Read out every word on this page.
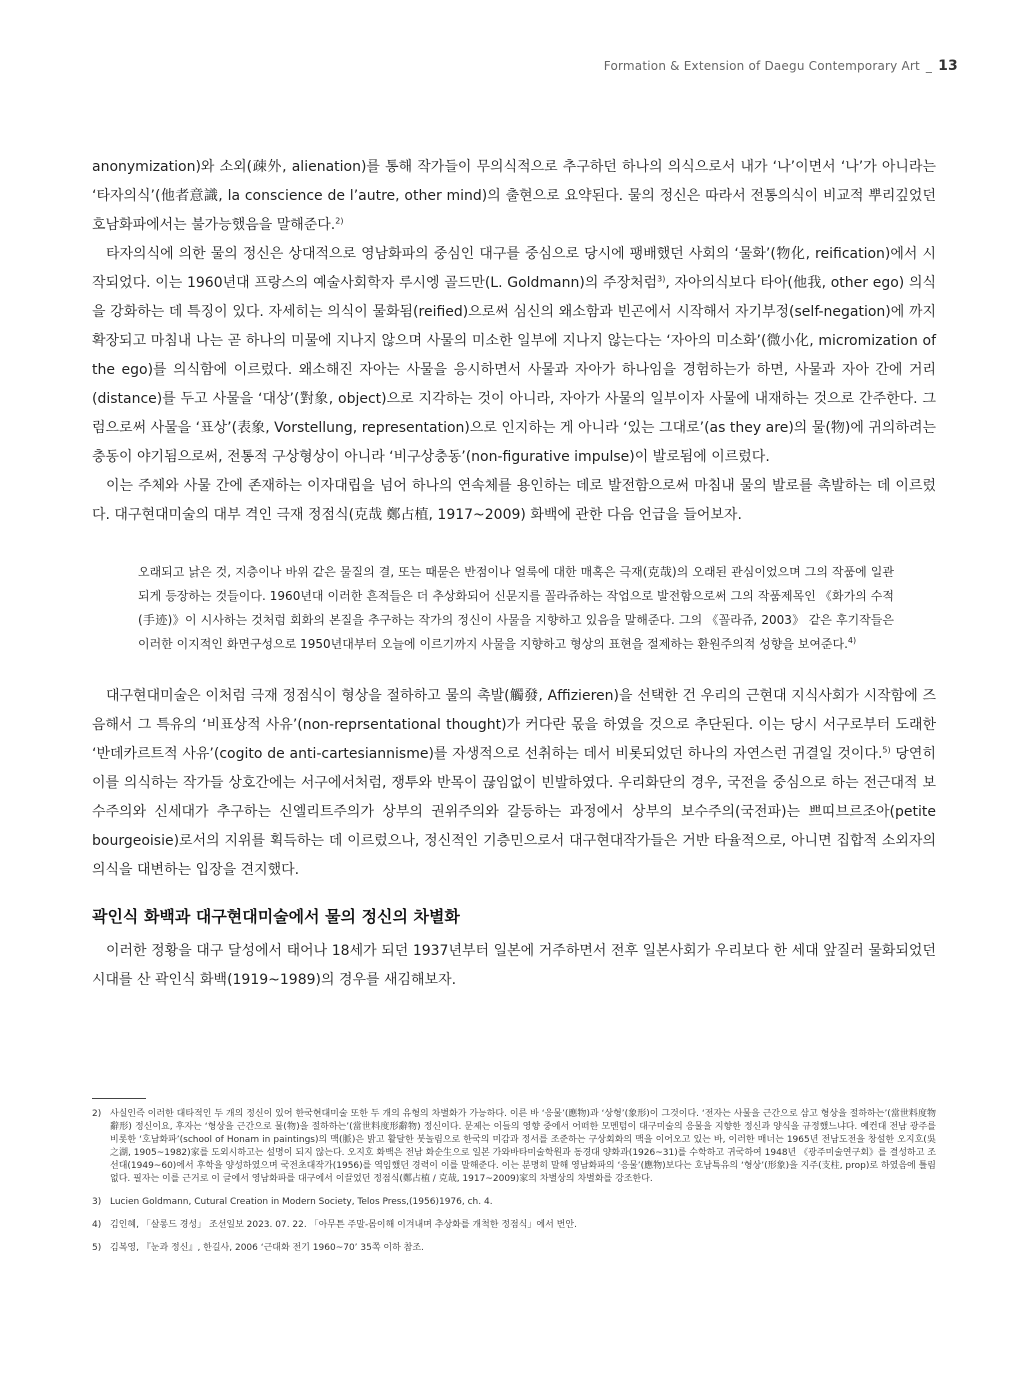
Formation & Extension of Daegu Contemporary Art _ 13

anonymization)와 소외(疎外, alienation)를 통해 작가들이 무의식적으로 추구하던 하나의 의식으로서 내가 ‘나’이면서 ‘나’가 아니라는 ‘타자의식’(他者意識, la conscience de l’autre, other mind)의 출현으로 요약된다. 물의 정신은 따라서 전통의식이 비교적 뿌리깊었던 호남화파에서는 불가능했음을 말해준다.$^{2)}$

타자의식에 의한 물의 정신은 상대적으로 영남화파의 중심인 대구를 중심으로 당시에 팽배했던 사회의 ‘물화’(物化, reification)에서 시작되었다. 이는 1960년대 프랑스의 예술사회학자 루시엥 골드만(L. Goldmann)의 주장처럼$^{3)}$, 자아의식보다 타아(他我, other ego) 의식을 강화하는 데 특징이 있다. 자세히는 의식이 물화됨(reified)으로써 심신의 왜소함과 빈곤에서 시작해서 자기부정(self-negation)에 까지 확장되고 마침내 나는 곧 하나의 미물에 지나지 않으며 사물의 미소한 일부에 지나지 않는다는 ‘자아의 미소화’(微小化, micromization of the ego)를 의식함에 이르렀다. 왜소해진 자아는 사물을 응시하면서 사물과 자아가 하나임을 경험하는가 하면, 사물과 자아 간에 거리(distance)를 두고 사물을 ‘대상’(對象, object)으로 지각하는 것이 아니라, 자아가 사물의 일부이자 사물에 내재하는 것으로 간주한다. 그럼으로써 사물을 ‘표상’(表象, Vorstellung, representation)으로 인지하는 게 아니라 ‘있는 그대로’(as they are)의 물(物)에 귀의하려는 충동이 야기됨으로써, 전통적 구상형상이 아니라 ‘비구상충동’(non-figurative impulse)이 발로됨에 이르렀다.

이는 주체와 사물 간에 존재하는 이자대립을 넘어 하나의 연속체를 용인하는 데로 발전함으로써 마침내 물의 발로를 촉발하는 데 이르렀다. 대구현대미술의 대부 격인 극재 정점식(克哉 鄭占植, 1917~2009) 화백에 관한 다음 언급을 들어보자.

오래되고 낡은 것, 지층이나 바위 같은 물질의 결, 또는 때묻은 반점이나 얼룩에 대한 매혹은 극재(克哉)의 오래된 관심이었으며 그의 작품에 일관되게 등장하는 것들이다. 1960년대 이러한 흔적들은 더 추상화되어 신문지를 꼴라쥬하는 작업으로 발전함으로써 그의 작품제목인 《화가의 수적(手迹)》이 시사하는 것처럼 회화의 본질을 추구하는 작가의 정신이 사물을 지향하고 있음을 말해준다. 그의 《꼴라쥬, 2003》 같은 후기작들은 이러한 이지적인 화면구성으로 1950년대부터 오늘에 이르기까지 사물을 지향하고 형상의 표현을 절제하는 환원주의적 성향을 보여준다.$^{4)}$

대구현대미술은 이처럼 극재 정점식이 형상을 절하하고 물의 촉발(觸發, Affizieren)을 선택한 건 우리의 근현대 지식사회가 시작함에 즈음해서 그 특유의 ‘비표상적 사유’(non-reprsentational thought)가 커다란 몫을 하였을 것으로 추단된다. 이는 당시 서구로부터 도래한 ‘반데카르트적 사유’(cogito de anti-cartesiannisme)를 자생적으로 선취하는 데서 비롯되었던 하나의 자연스런 귀결일 것이다.$^{5)}$ 당연히 이를 의식하는 작가들 상호간에는 서구에서처럼, 쟁투와 반목이 끊임없이 빈발하였다. 우리화단의 경우, 국전을 중심으로 하는 전근대적 보수주의와 신세대가 추구하는 신엘리트주의가 상부의 권위주의와 갈등하는 과정에서 상부의 보수주의(국전파)는 쁘띠브르조아(petite bourgeoisie)로서의 지위를 획득하는 데 이르렀으나, 정신적인 기층민으로서 대구현대작가들은 거반 타율적으로, 아니면 집합적 소외자의 의식을 대변하는 입장을 견지했다.

곽인식 화백과 대구현대미술에서 물의 정신의 차별화

이러한 정황을 대구 달성에서 태어나 18세가 되던 1937년부터 일본에 거주하면서 전후 일본사회가 우리보다 한 세대 앞질러 물화되었던 시대를 산 곽인식 화백(1919~1989)의 경우를 새김해보자.

2) 사실인즉 이러한 대타적인 두 개의 정신이 있어 한국현대미술 또한 두 개의 유형의 차별화가 가능하다. 이른 바 ‘응물’(應物)과 ‘상형’(象形)이 그것이다. ‘전자는 사물을 근간으로 삼고 형상을 절하하는’(當世料度物辭形) 정신이요, 후자는 ‘형상을 근간으로 물(物)을 절하하는’(當世料度形辭物) 정신이다. 문제는 이들의 영향 중에서 어떠한 모멘텀이 대구미술의 응물을 지향한 정신과 양식을 규정했느냐다. 예컨대 전남 광주를 비롯한 ‘호남화파’(school of Honam in paintings)의 맥(脈)은 밝고 활달한 붓놀림으로 한국의 미감과 정서를 조준하는 구상회화의 맥을 이어오고 있는 바, 이러한 매너는 1965년 전남도전을 창설한 오지호(吳之湖, 1905~1982)家를 도외시하고는 설명이 되지 않는다. 오지호 화백은 전남 화순生으로 일본 가와바타미술학원과 동경대 양화과(1926~31)를 수학하고 귀국하여 1948년 《광주미술연구회》를 결성하고 조선대(1949~60)에서 후학을 양성하였으며 국전초대작가(1956)를 역임했던 경력이 이를 말해준다. 이는 분명히 말해 영남화파의 ‘응물’(應物)보다는 호남특유의 ‘형상’(形象)을 지주(支柱, prop)로 하였음에 틀림없다. 필자는 이를 근거로 이 글에서 영남화파를 대구에서 이끌었던 정점식(鄭占植 / 克哉, 1917~2009)家의 차별상의 차별화를 강조한다.
3) Lucien Goldmann, Cutural Creation in Modern Society, Telos Press,(1956)1976, ch. 4.
4) 김인혜, 「살롱드 경성」 조선일보 2023. 07. 22. 「아무튼 주말-몸이해 이겨내며 추상화를 개척한 정점식」에서 번안.
5) 김복영, 『눈과 정신』, 한길사, 2006 ‘근대화 전기 1960~70’ 35쪽 이하 참조.
